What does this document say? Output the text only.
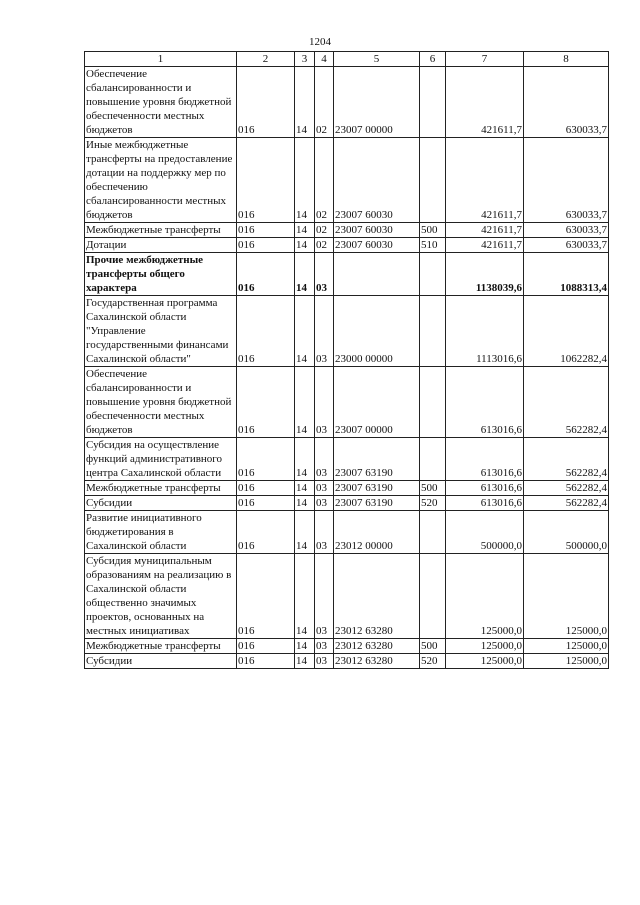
1204
1	2	3	4	5	6	7	8
Обеспечение сбалансированности и повышение уровня бюджетной обеспеченности местных бюджетов	016	14	02	23007 00000		421611,7	630033,7
Иные межбюджетные трансферты на предоставление дотации на поддержку мер по обеспечению сбалансированности местных бюджетов	016	14	02	23007 60030		421611,7	630033,7
Межбюджетные трансферты	016	14	02	23007 60030	500	421611,7	630033,7
Дотации	016	14	02	23007 60030	510	421611,7	630033,7
Прочие межбюджетные трансферты общего характера	016	14	03			1138039,6	1088313,4
Государственная программа Сахалинской области "Управление государственными финансами Сахалинской области"	016	14	03	23000 00000		1113016,6	1062282,4
Обеспечение сбалансированности и повышение уровня бюджетной обеспеченности местных бюджетов	016	14	03	23007 00000		613016,6	562282,4
Субсидия на осуществление функций административного центра Сахалинской области	016	14	03	23007 63190		613016,6	562282,4
Межбюджетные трансферты	016	14	03	23007 63190	500	613016,6	562282,4
Субсидии	016	14	03	23007 63190	520	613016,6	562282,4
Развитие инициативного бюджетирования в Сахалинской области	016	14	03	23012 00000		500000,0	500000,0
Субсидия муниципальным образованиям на реализацию в Сахалинской области общественно значимых проектов, основанных на местных инициативах	016	14	03	23012 63280		125000,0	125000,0
Межбюджетные трансферты	016	14	03	23012 63280	500	125000,0	125000,0
Субсидии	016	14	03	23012 63280	520	125000,0	125000,0
